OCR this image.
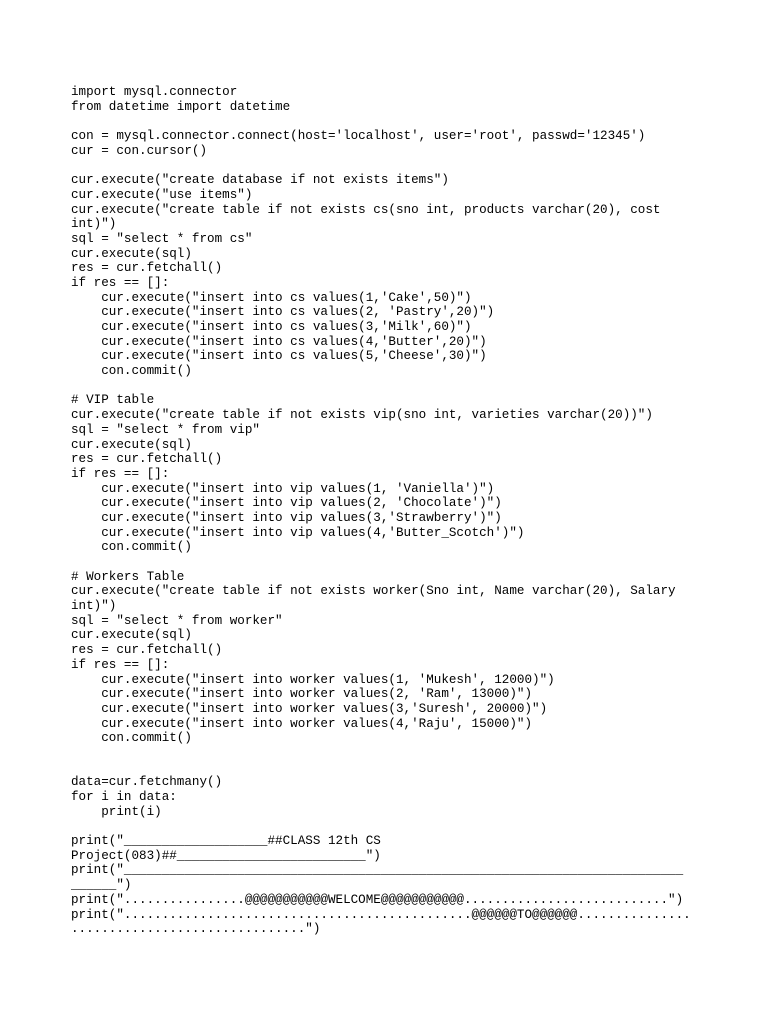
import mysql.connector
from datetime import datetime
con = mysql.connector.connect(host='localhost', user='root', passwd='12345')
cur = con.cursor()
cur.execute("create database if not exists items")
cur.execute("use items")
cur.execute("create table if not exists cs(sno int, products varchar(20), cost
int)")
sql = "select * from cs"
cur.execute(sql)
res = cur.fetchall()
if res == []:
cur.execute("insert into cs values(1,'Cake',50)")
cur.execute("insert into cs values(2, 'Pastry',20)")
cur.execute("insert into cs values(3,'Milk',60)")
cur.execute("insert into cs values(4,'Butter',20)")
cur.execute("insert into cs values(5,'Cheese',30)")
con.commit()
# VIP table
cur.execute("create table if not exists vip(sno int, varieties varchar(20))")
sql = "select * from vip"
cur.execute(sql)
res = cur.fetchall()
if res == []:
cur.execute("insert into vip values(1, 'Vaniella')")
cur.execute("insert into vip values(2, 'Chocolate')")
cur.execute("insert into vip values(3,'Strawberry')")
cur.execute("insert into vip values(4,'Butter_Scotch')")
con.commit()
# Workers Table
cur.execute("create table if not exists worker(Sno int, Name varchar(20), Salary
int)")
sql = "select * from worker"
cur.execute(sql)
res = cur.fetchall()
if res == []:
cur.execute("insert into worker values(1, 'Mukesh', 12000)")
cur.execute("insert into worker values(2, 'Ram', 13000)")
cur.execute("insert into worker values(3,'Suresh', 20000)")
cur.execute("insert into worker values(4,'Raju', 15000)")
con.commit()
data=cur.fetchmany()
for i in data:
print(i)
print("___________________##CLASS 12th CS
Project(083)##_________________________")
print("__________________________________________________________________________
______")
print("................@@@@@@@@@@@WELCOME@@@@@@@@@@@...........................")
print("..............................................@@@@@@TO@@@@@@...............
...............................")
